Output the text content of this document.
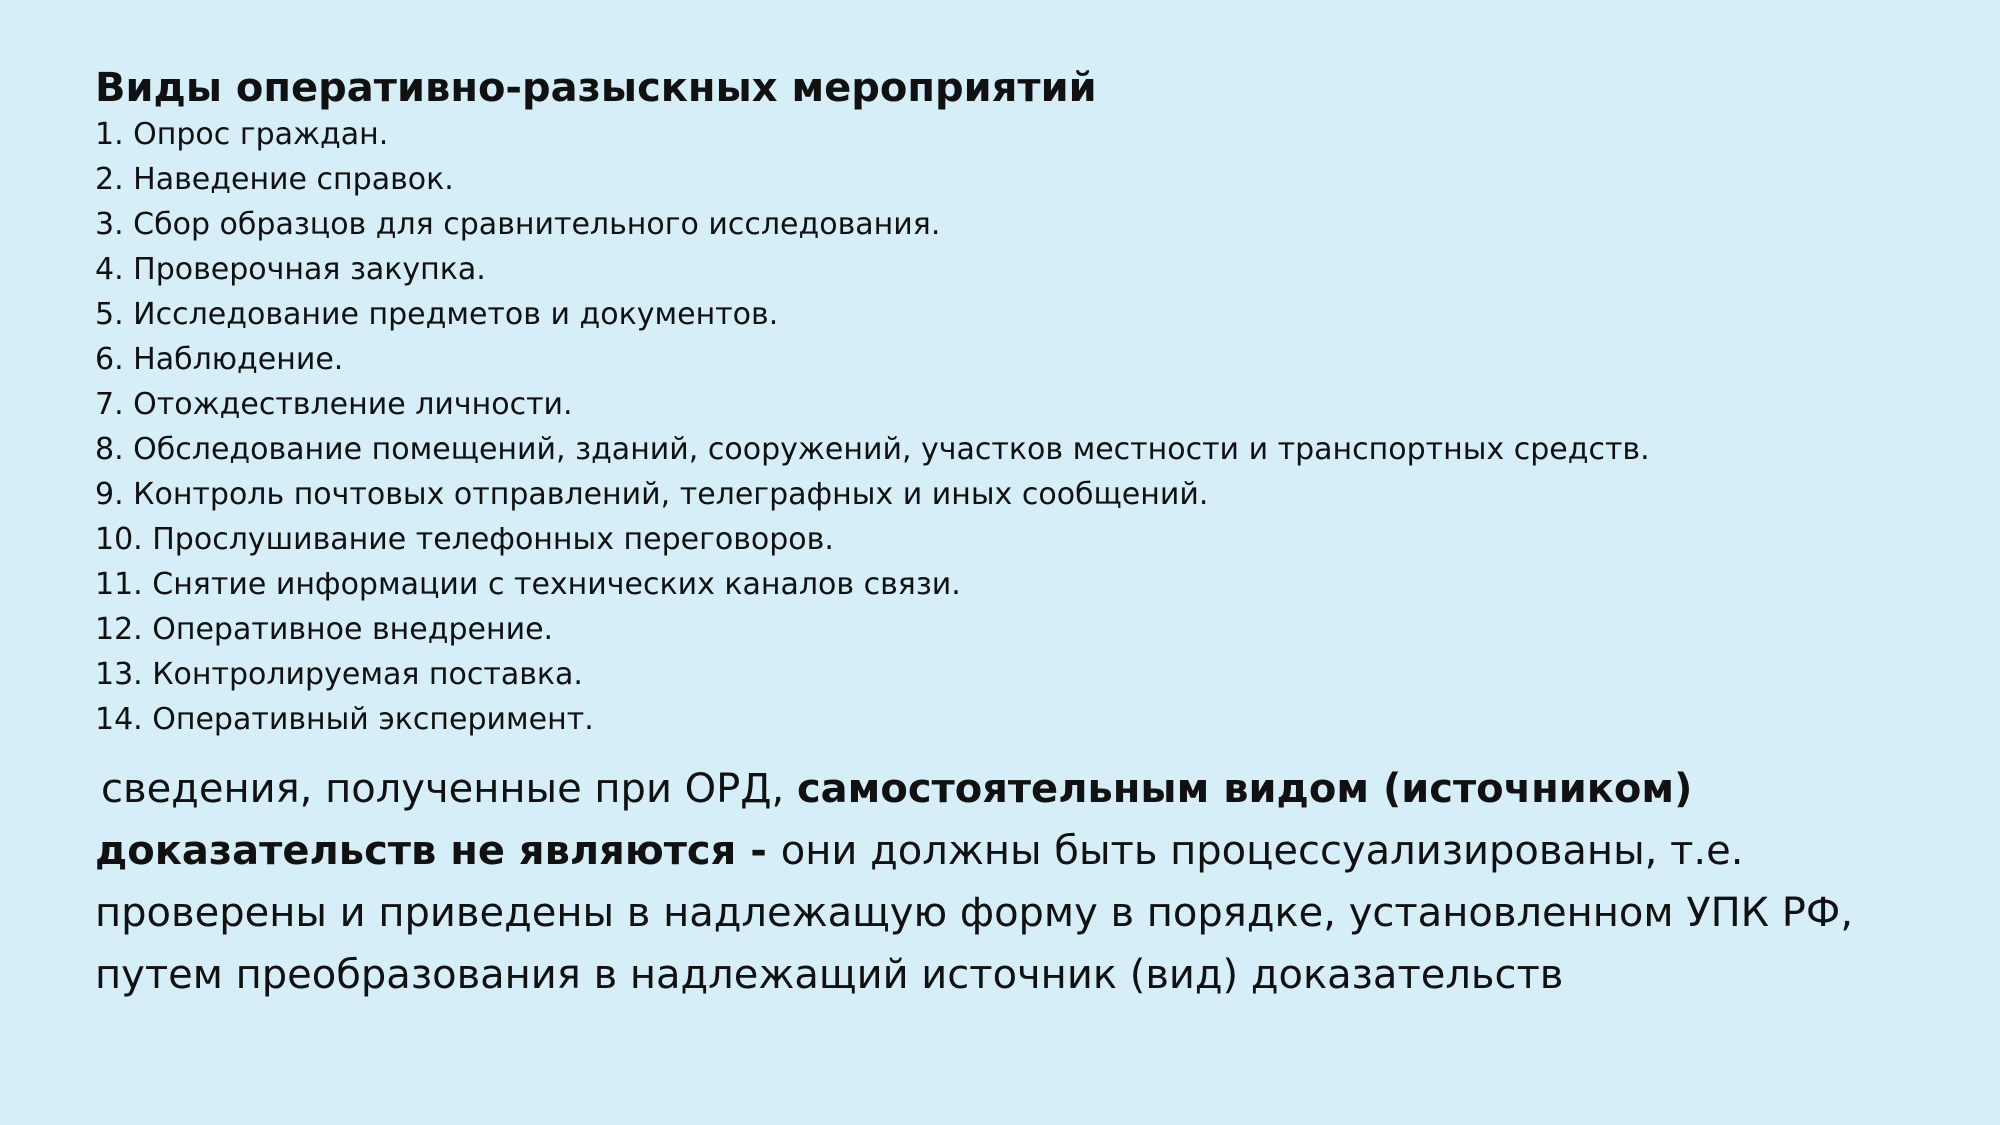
Виды оперативно-разыскных мероприятий
1. Опрос граждан.
2. Наведение справок.
3. Сбор образцов для сравнительного исследования.
4. Проверочная закупка.
5. Исследование предметов и документов.
6. Наблюдение.
7. Отождествление личности.
8. Обследование помещений, зданий, сооружений, участков местности и транспортных средств.
9. Контроль почтовых отправлений, телеграфных и иных сообщений.
10. Прослушивание телефонных переговоров.
11. Снятие информации с технических каналов связи.
12. Оперативное внедрение.
13. Контролируемая поставка.
14. Оперативный эксперимент.

сведения, полученные при ОРД, самостоятельным видом (источником) доказательств не являются - они должны быть процессуализированы, т.е. проверены и приведены в надлежащую форму в порядке, установленном УПК РФ, путем преобразования в надлежащий источник (вид) доказательств
